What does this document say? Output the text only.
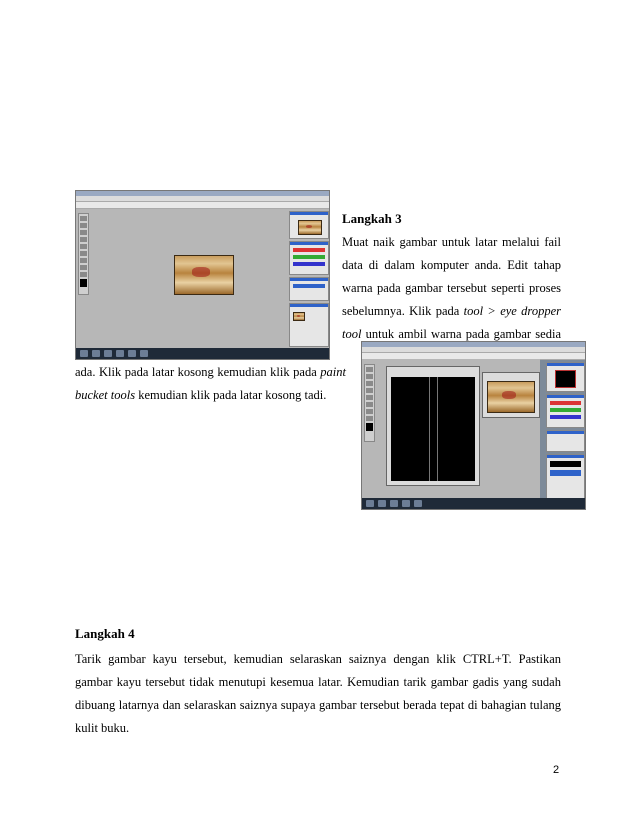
Langkah 3
Muat naik gambar untuk latar melalui fail
data di dalam komputer anda. Edit tahap
warna pada gambar tersebut seperti proses
sebelumnya. Klik pada tool > eye dropper
tool untuk ambil warna pada gambar sedia
ada. Klik pada latar kosong kemudian klik pada paint
bucket tools kemudian klik pada latar kosong tadi.
Langkah 4
Tarik gambar kayu tersebut, kemudian selaraskan saiznya dengan klik CTRL+T. Pastikan
gambar kayu tersebut tidak menutupi kesemua latar. Kemudian tarik gambar gadis yang sudah
dibuang latarnya dan selaraskan saiznya supaya gambar tersebut berada tepat di bahagian tulang
kulit buku.
2
